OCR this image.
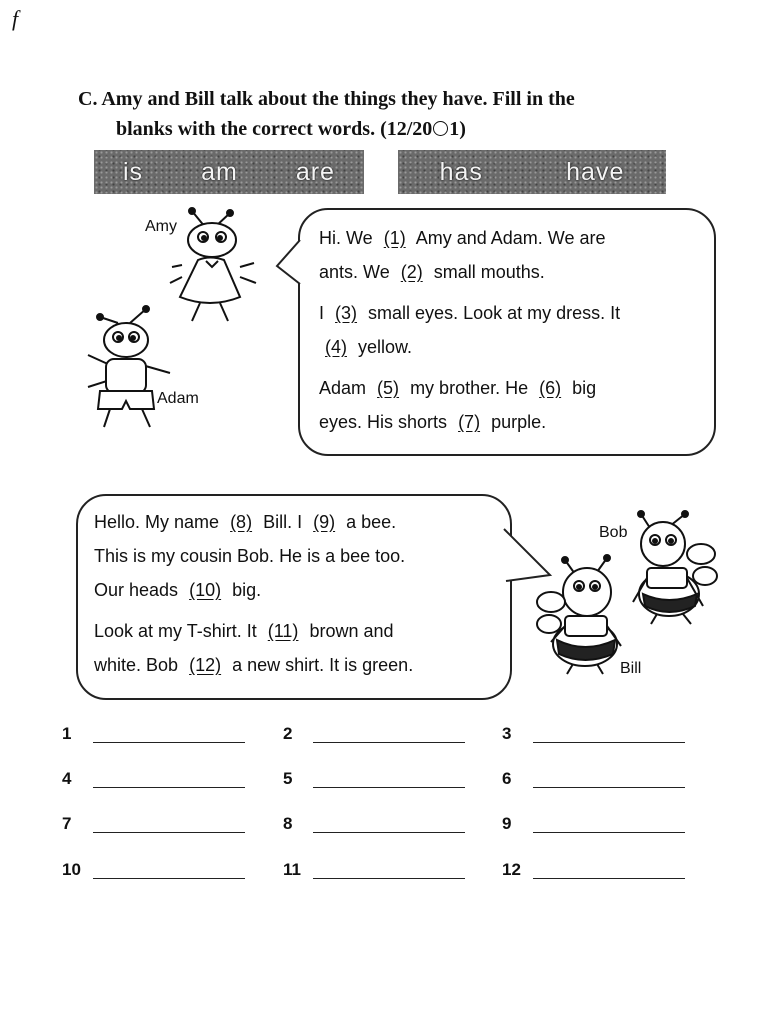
f
C. Amy and Bill talk about the things they have. Fill in the
blanks with the correct words. (12/20○1)
is am are	has	have
Amy
Adam
Hi. We (1) Amy and Adam. We are
ants. We (2) small mouths.
I (3) small eyes. Look at my dress. It
(4) yellow.
Adam (5) my brother. He (6) big
eyes. His shorts (7) purple.
Hello. My name (8) Bill. I (9) a bee.
This is my cousin Bob. He is a bee too.
Our heads (10) big.
Look at my T-shirt. It (11) brown and
white. Bob (12) a new shirt. It is green.
Bob
Bill
1	2	3
4	5	6
7	8	9
10	11	12
